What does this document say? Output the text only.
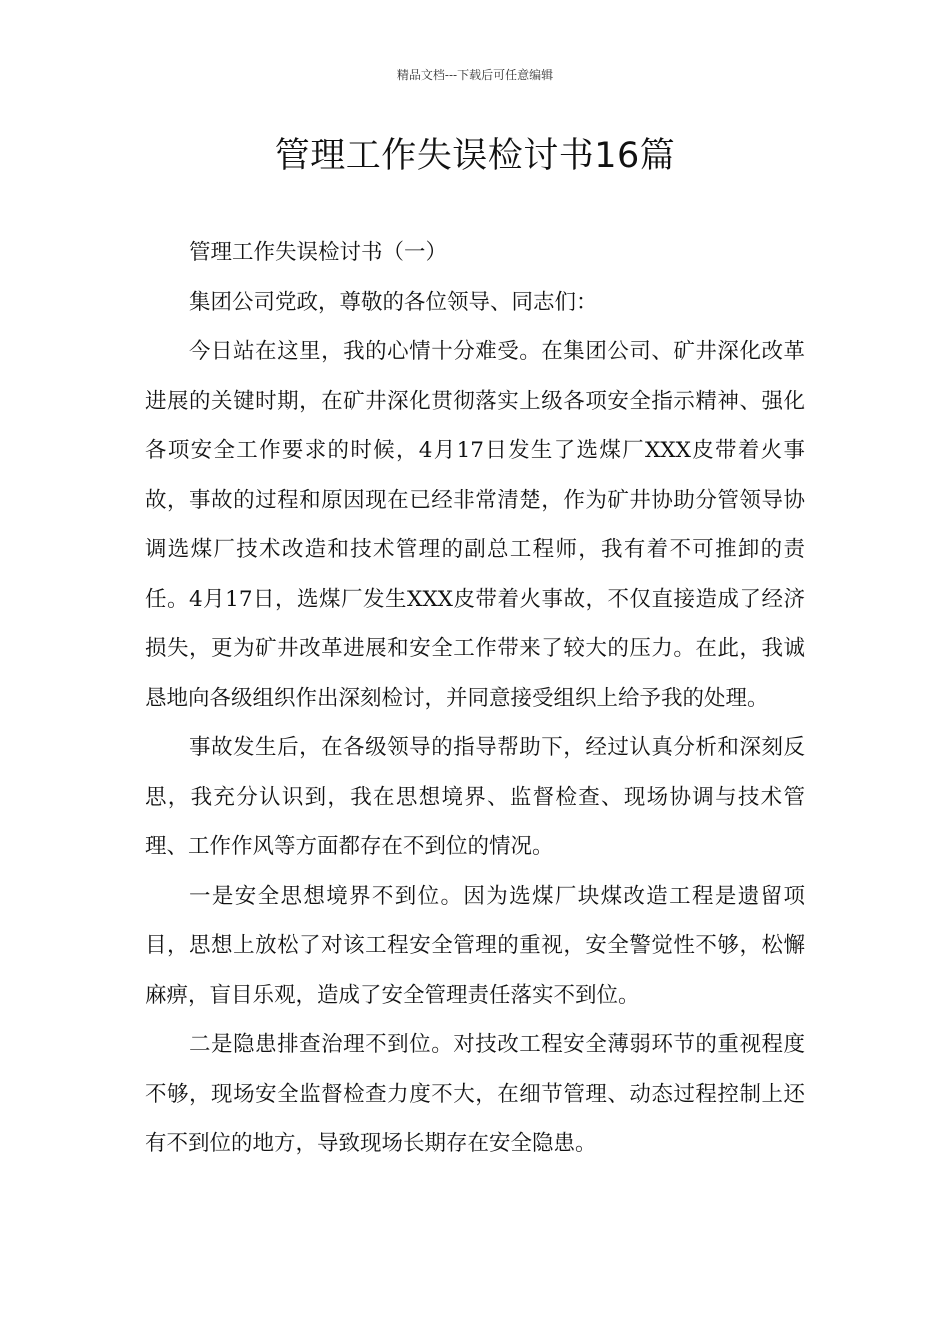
精品文档---下载后可任意编辑
管理工作失误检讨书16篇

管理工作失误检讨书（一）

集团公司党政，尊敬的各位领导、同志们：

今日站在这里，我的心情十分难受。在集团公司、矿井深化改革进展的关键时期，在矿井深化贯彻落实上级各项安全指示精神、强化各项安全工作要求的时候，4月17日发生了选煤厂XXX皮带着火事故，事故的过程和原因现在已经非常清楚，作为矿井协助分管领导协调选煤厂技术改造和技术管理的副总工程师，我有着不可推卸的责任。4月17日，选煤厂发生XXX皮带着火事故，不仅直接造成了经济损失，更为矿井改革进展和安全工作带来了较大的压力。在此，我诚恳地向各级组织作出深刻检讨，并同意接受组织上给予我的处理。

事故发生后，在各级领导的指导帮助下，经过认真分析和深刻反思，我充分认识到，我在思想境界、监督检查、现场协调与技术管理、工作作风等方面都存在不到位的情况。

一是安全思想境界不到位。因为选煤厂块煤改造工程是遗留项目，思想上放松了对该工程安全管理的重视，安全警觉性不够，松懈麻痹，盲目乐观，造成了安全管理责任落实不到位。

二是隐患排查治理不到位。对技改工程安全薄弱环节的重视程度不够，现场安全监督检查力度不大，在细节管理、动态过程控制上还有不到位的地方，导致现场长期存在安全隐患。
